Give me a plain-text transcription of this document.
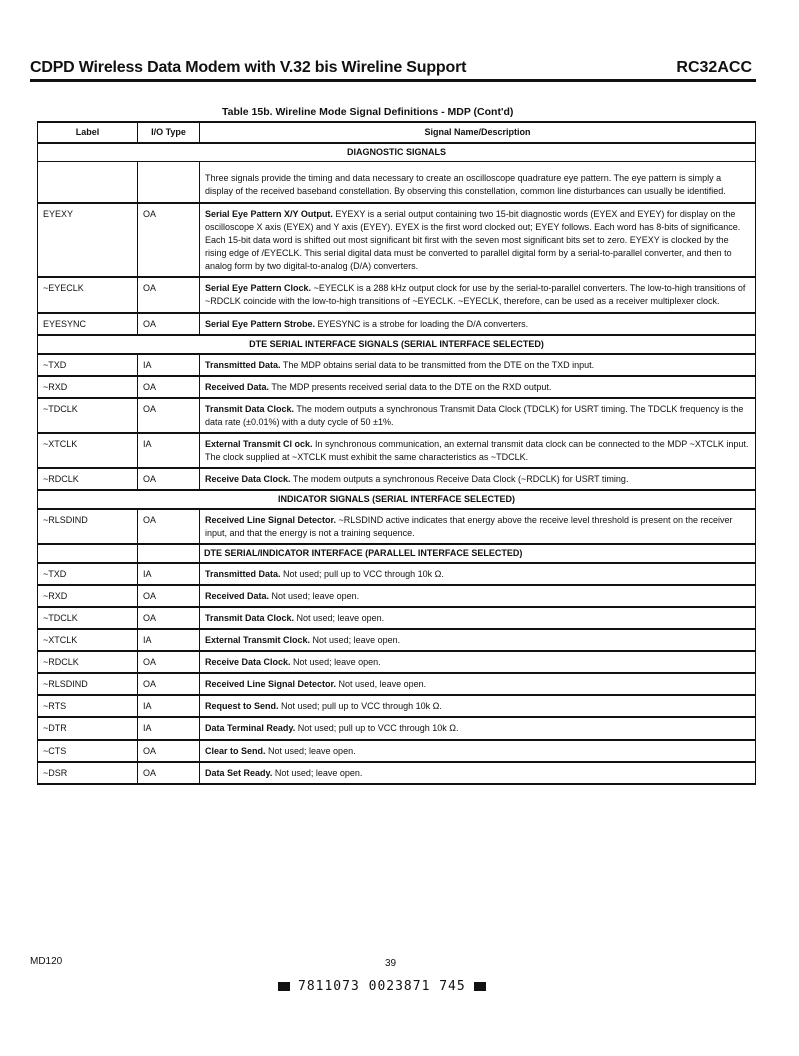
CDPD Wireless Data Modem with V.32 bis Wireline Support	RC32ACC
Table 15b. Wireline Mode Signal Definitions - MDP (Cont'd)
Label	I/O Type	Signal Name/Description
DIAGNOSTIC SIGNALS		
		Three signals provide the timing and data necessary to create an oscilloscope quadrature eye pattern. The eye pattern is simply a display of the received baseband constellation. By observing this constellation, common line disturbances can usually be identified.
EYEXY	OA	Serial Eye Pattern X/Y Output. EYEXY is a serial output containing two 15-bit diagnostic words (EYEX and EYEY) for display on the oscilloscope X axis (EYEX) and Y axis (EYEY). EYEX is the first word clocked out; EYEY follows. Each word has 8-bits of significance. Each 15-bit data word is shifted out most significant bit first with the seven most significant bits set to zero. EYEXY is clocked by the rising edge of /EYECLK. This serial digital data must be converted to parallel digital form by a serial-to-parallel converter, and then to analog form by two digital-to-analog (D/A) converters.
~EYECLK	OA	Serial Eye Pattern Clock. ~EYECLK is a 288 kHz output clock for use by the serial-to-parallel converters. The low-to-high transitions of ~RDCLK coincide with the low-to-high transitions of ~EYECLK. ~EYECLK, therefore, can be used as a receiver multiplexer clock.
EYESYNC	OA	Serial Eye Pattern Strobe. EYESYNC is a strobe for loading the D/A converters.
DTE SERIAL INTERFACE SIGNALS (SERIAL INTERFACE SELECTED)		
~TXD	IA	Transmitted Data. The MDP obtains serial data to be transmitted from the DTE on the TXD input.
~RXD	OA	Received Data. The MDP presents received serial data to the DTE on the RXD output.
~TDCLK	OA	Transmit Data Clock. The modem outputs a synchronous Transmit Data Clock (TDCLK) for USRT timing. The TDCLK frequency is the data rate (±0.01%) with a duty cycle of 50 ±1%.
~XTCLK	IA	External Transmit Cl ock. In synchronous communication, an external transmit data clock can be connected to the MDP ~XTCLK input. The clock supplied at ~XTCLK must exhibit the same characteristics as ~TDCLK.
~RDCLK	OA	Receive Data Clock. The modem outputs a synchronous Receive Data Clock (~RDCLK) for USRT timing.
INDICATOR SIGNALS (SERIAL INTERFACE SELECTED)		
~RLSDIND	OA	Received Line Signal Detector. ~RLSDIND active indicates that energy above the receive level threshold is present on the receiver input, and that the energy is not a training sequence.
		DTE SERIAL/INDICATOR INTERFACE (PARALLEL INTERFACE SELECTED)
~TXD	IA	Transmitted Data. Not used; pull up to VCC through 10k Ω.
~RXD	OA	Received Data. Not used; leave open.
~TDCLK	OA	Transmit Data Clock. Not used; leave open.
~XTCLK	IA	External Transmit Clock. Not used; leave open.
~RDCLK	OA	Receive Data Clock. Not used; leave open.
~RLSDIND	OA	Received Line Signal Detector. Not used, leave open.
~RTS	IA	Request to Send. Not used; pull up to VCC through 10k Ω.
~DTR	IA	Data Terminal Ready. Not used; pull up to VCC through 10k Ω.
~CTS	OA	Clear to Send. Not used; leave open.
~DSR	OA	Data Set Ready. Not used; leave open.
MD120	39
7811073 0023871 745
